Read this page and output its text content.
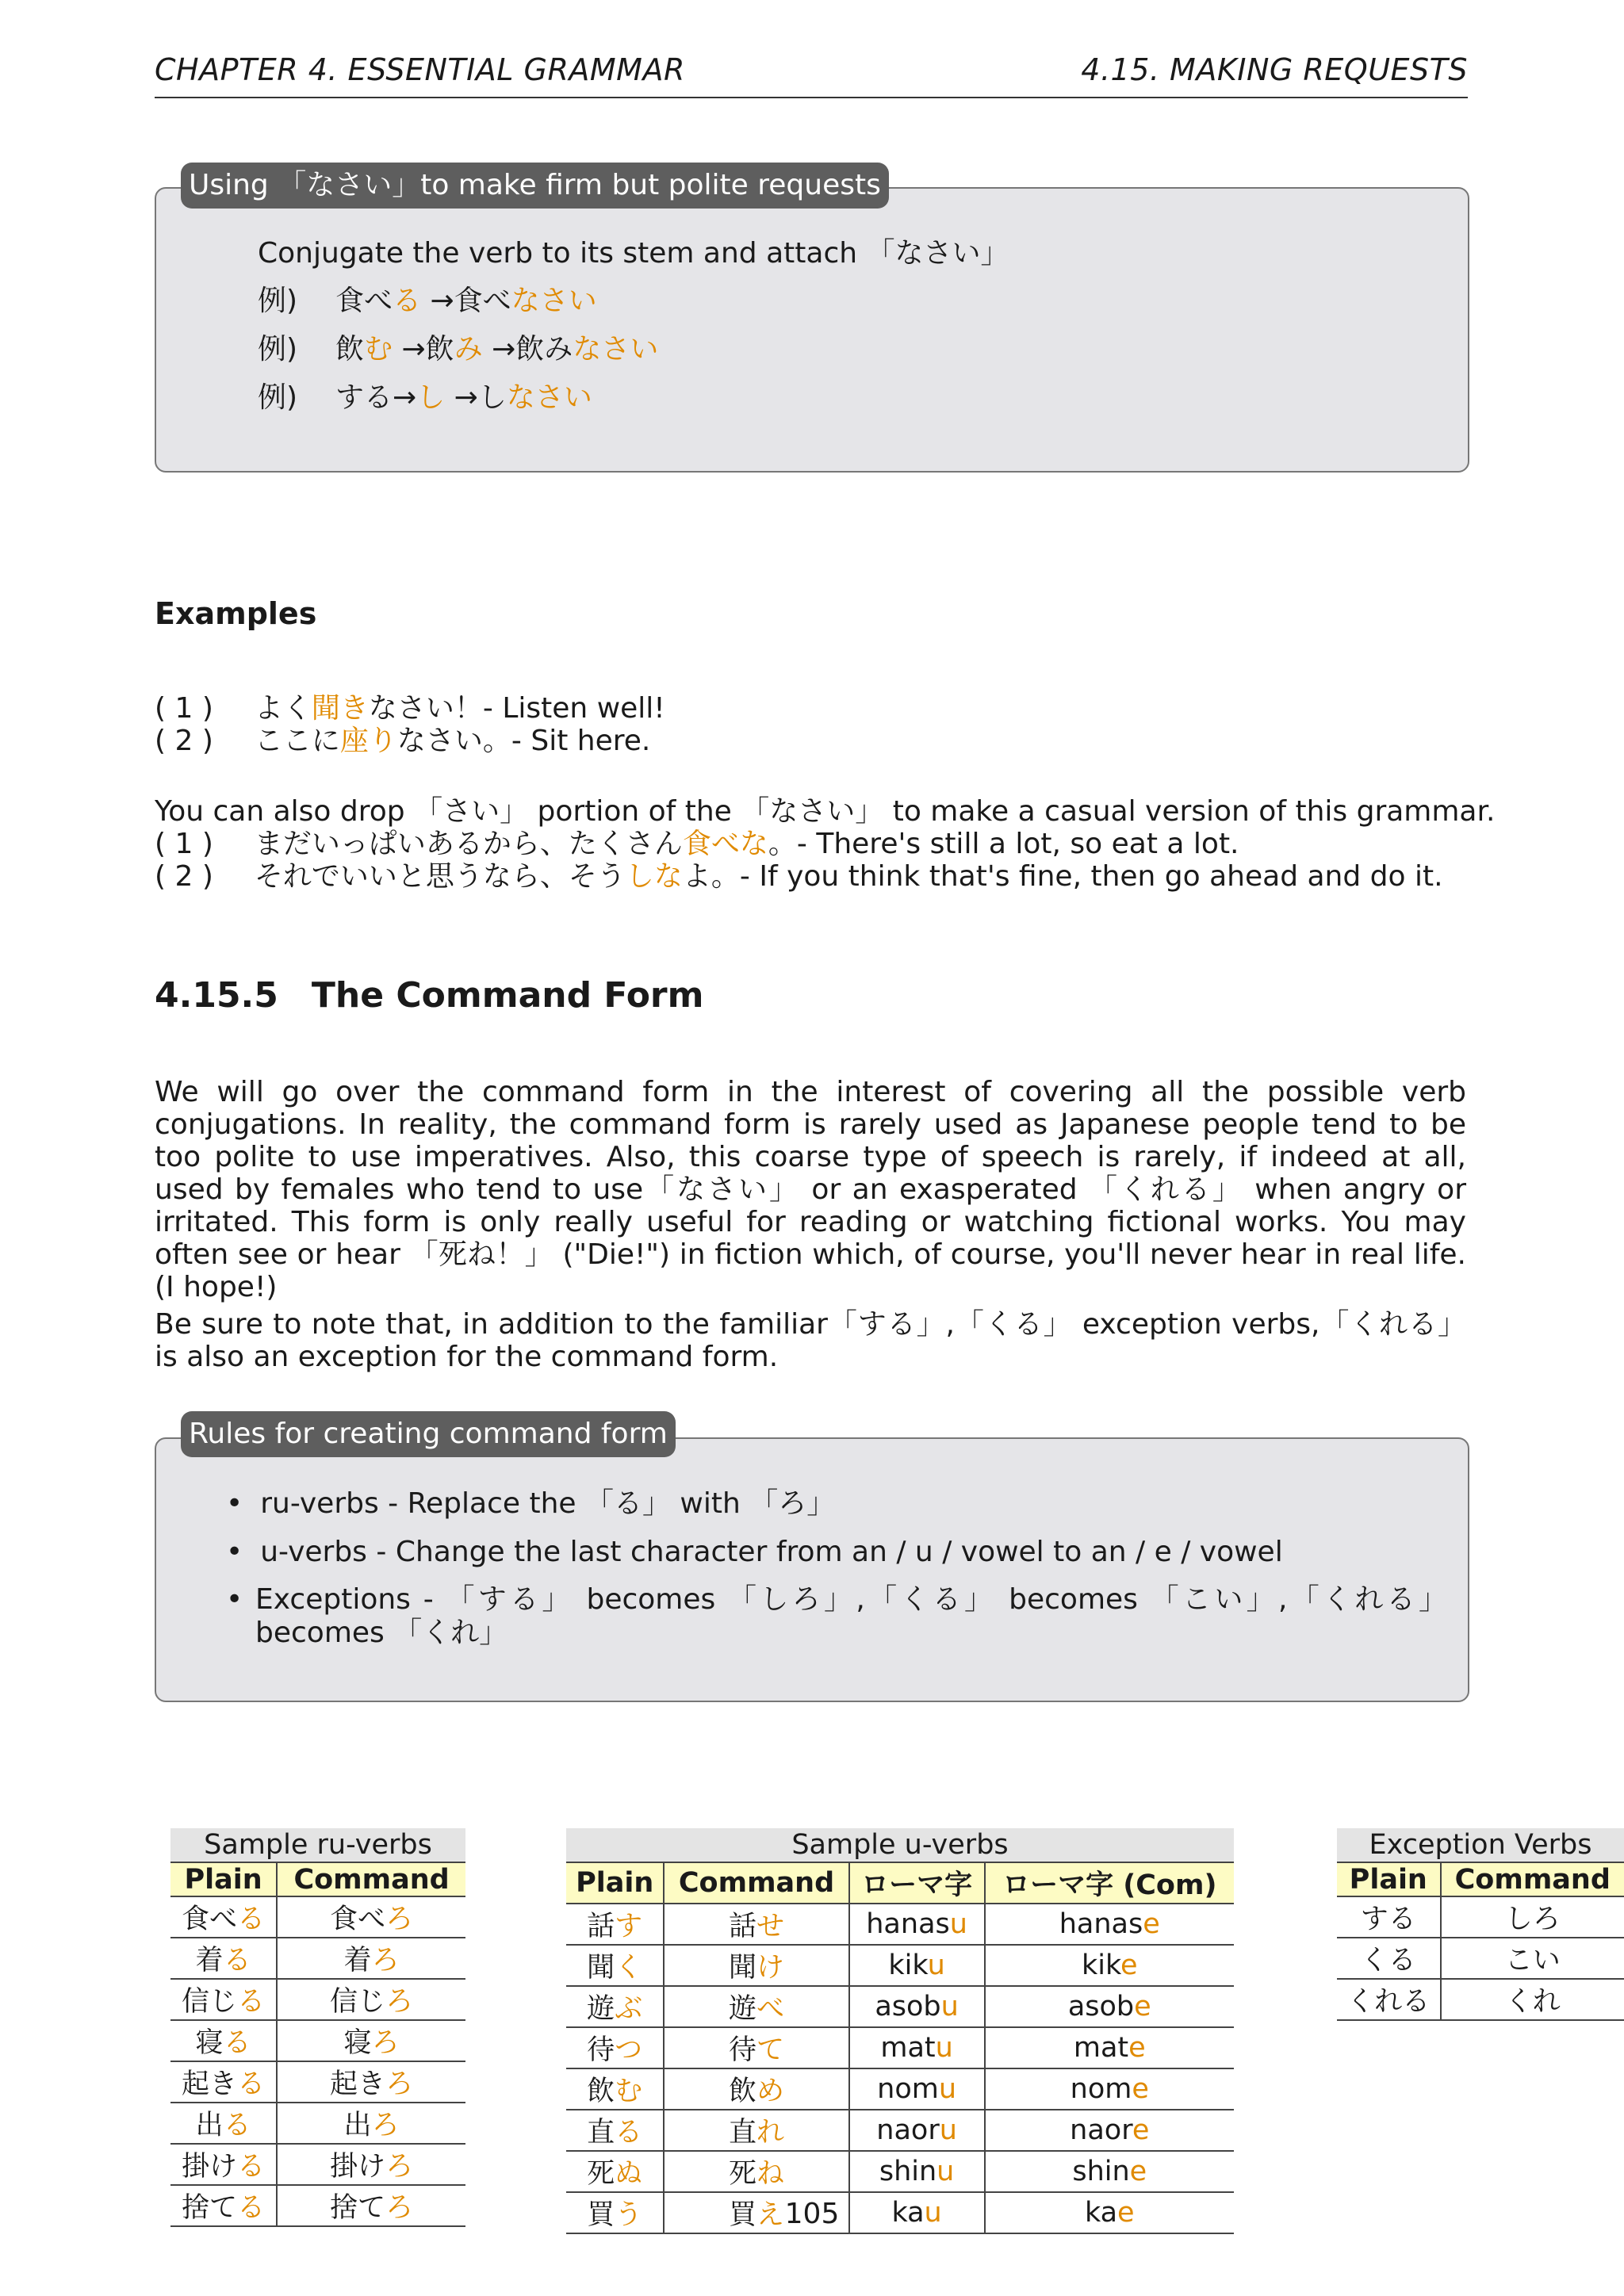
CHAPTER 4. ESSENTIAL GRAMMAR	4.15. MAKING REQUESTS
Conjugate the verb to its stem and attach 「なさい」
例) 食べる →食べなさい
例) 飲む →飲み →飲みなさい
例) する→し →しなさい
Using 「なさい」to make firm but polite requests
Examples
( 1 ) よく聞きなさい！- Listen well!
( 2 ) ここに座りなさい。- Sit here.
You can also drop 「さい」 portion of the 「なさい」 to make a casual version of this grammar.
( 1 ) まだいっぱいあるから、たくさん食べな。- There's still a lot, so eat a lot.
( 2 ) それでいいと思うなら、そうしなよ。- If you think that's fine, then go ahead and do it.
4.15.5 The Command Form
We will go over the command form in the interest of covering all the possible verb conjugations. In reality, the command form is rarely used as Japanese people tend to be too polite to use imperatives. Also, this coarse type of speech is rarely, if indeed at all, used by females who tend to use「なさい」 or an exasperated 「くれる」 when angry or irritated. This form is only really useful for reading or watching fictional works. You may often see or hear 「死ね！」 ("Die!") in fiction which, of course, you'll never hear in real life. (I hope!)
Be sure to note that, in addition to the familiar「する」,「くる」 exception verbs,「くれる」 is also an exception for the command form.
• ru-verbs - Replace the 「る」 with 「ろ」
• u-verbs - Change the last character from an / u / vowel to an / e / vowel
• Exceptions - 「する」 becomes 「しろ」,「くる」 becomes 「こい」,「くれる」 becomes 「くれ」
Rules for creating command form
Sample ru-verbs	
Plain	Command
食べる	食べろ
着る	着ろ
信じる	信じろ
寝る	寝ろ
起きる	起きろ
出る	出ろ
掛ける	掛けろ
捨てる	捨てろ
Sample u-verbs			
Plain	Command	ローマ字	ローマ字 (Com)
話す	話せ	hanasu	hanase
聞く	聞け	kiku	kike
遊ぶ	遊べ	asobu	asobe
待つ	待て	matu	mate
飲む	飲め	nomu	nome
直る	直れ	naoru	naore
死ぬ	死ね	shinu	shine
買う	買え	kau	kae
Exception Verbs	
Plain	Command
する	しろ
くる	こい
くれる	くれ
105
